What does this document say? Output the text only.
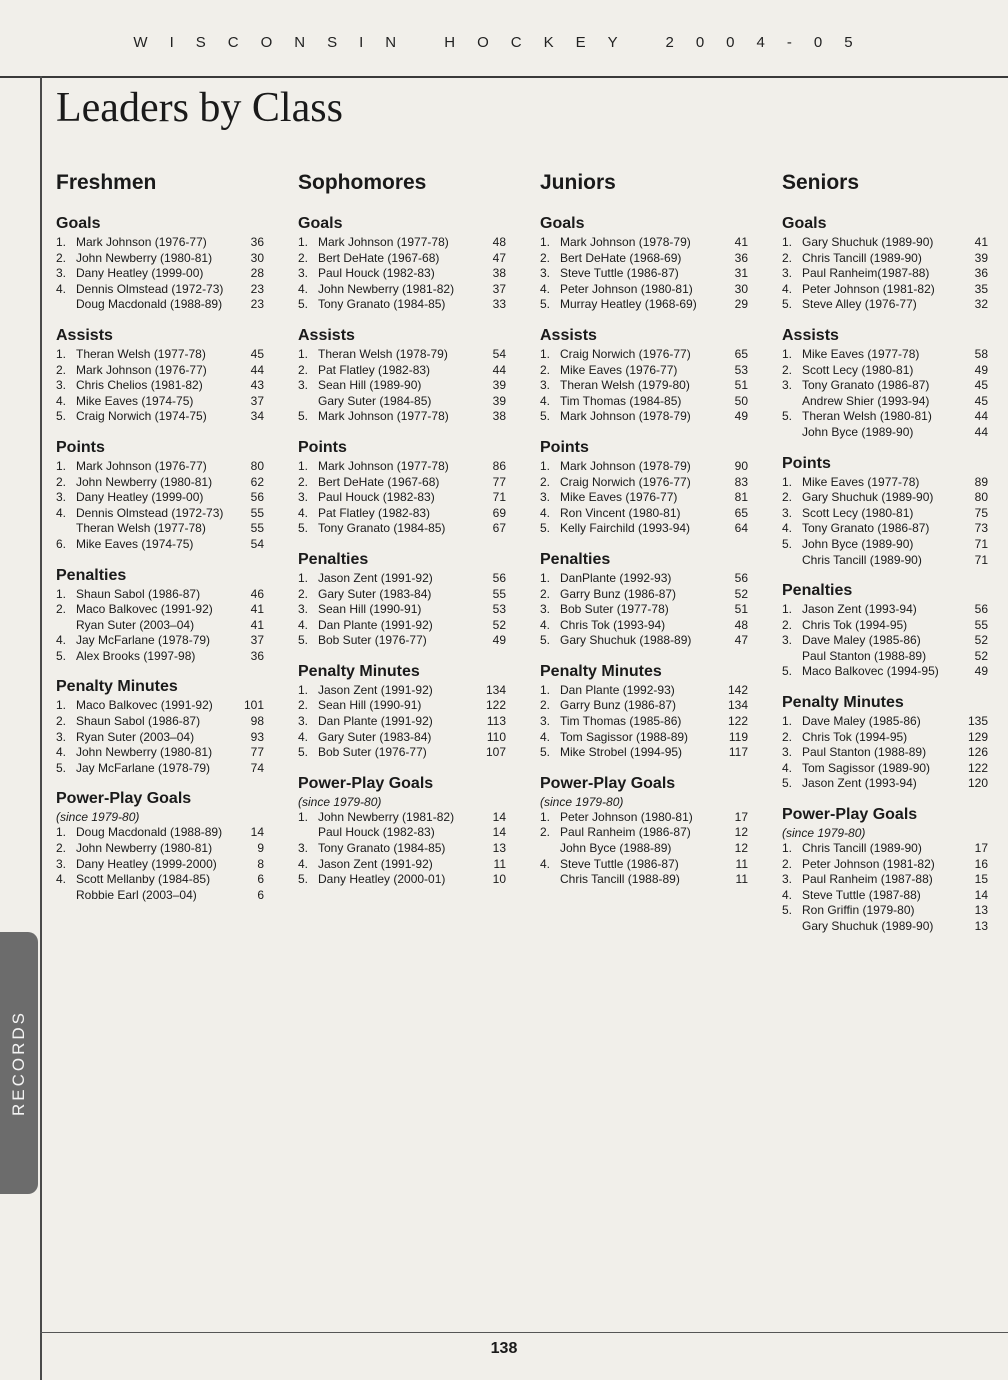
WISCONSIN HOCKEY 2004-05
Leaders by Class
Freshmen
Goals
1. Mark Johnson (1976-77)	36
2. John Newberry (1980-81)	30
3. Dany Heatley (1999-00)	28
4. Dennis Olmstead (1972-73)	23
Doug Macdonald (1988-89)	23
Assists
1. Theran Welsh (1977-78)	45
2. Mark Johnson (1976-77)	44
3. Chris Chelios (1981-82)	43
4. Mike Eaves (1974-75)	37
5. Craig Norwich (1974-75)	34
Points
1. Mark Johnson (1976-77)	80
2. John Newberry (1980-81)	62
3. Dany Heatley (1999-00)	56
4. Dennis Olmstead (1972-73)	55
Theran Welsh (1977-78)	55
6. Mike Eaves (1974-75)	54
Penalties
1. Shaun Sabol (1986-87)	46
2. Maco Balkovec (1991-92)	41
Ryan Suter (2003–04)	41
4. Jay McFarlane (1978-79)	37
5. Alex Brooks (1997-98)	36
Penalty Minutes
1. Maco Balkovec (1991-92)	101
2. Shaun Sabol (1986-87)	98
3. Ryan Suter (2003–04)	93
4. John Newberry (1980-81)	77
5. Jay McFarlane (1978-79)	74
Power-Play Goals
(since 1979-80)
1. Doug Macdonald (1988-89)	14
2. John Newberry (1980-81)	9
3. Dany Heatley (1999-2000)	8
4. Scott Mellanby (1984-85)	6
Robbie Earl (2003–04)	6
Sophomores
Goals
1. Mark Johnson (1977-78)	48
2. Bert DeHate (1967-68)	47
3. Paul Houck (1982-83)	38
4. John Newberry (1981-82)	37
5. Tony Granato (1984-85)	33
Assists
1. Theran Welsh (1978-79)	54
2. Pat Flatley (1982-83)	44
3. Sean Hill (1989-90)	39
Gary Suter (1984-85)	39
5. Mark Johnson (1977-78)	38
Points
1. Mark Johnson (1977-78)	86
2. Bert DeHate (1967-68)	77
3. Paul Houck (1982-83)	71
4. Pat Flatley (1982-83)	69
5. Tony Granato (1984-85)	67
Penalties
1. Jason Zent (1991-92)	56
2. Gary Suter (1983-84)	55
3. Sean Hill (1990-91)	53
4. Dan Plante (1991-92)	52
5. Bob Suter (1976-77)	49
Penalty Minutes
1. Jason Zent (1991-92)	134
2. Sean Hill (1990-91)	122
3. Dan Plante (1991-92)	113
4. Gary Suter (1983-84)	110
5. Bob Suter (1976-77)	107
Power-Play Goals
(since 1979-80)
1. John Newberry (1981-82)	14
Paul Houck (1982-83)	14
3. Tony Granato (1984-85)	13
4. Jason Zent (1991-92)	11
5. Dany Heatley (2000-01)	10
Juniors
Goals
1. Mark Johnson (1978-79)	41
2. Bert DeHate (1968-69)	36
3. Steve Tuttle (1986-87)	31
4. Peter Johnson (1980-81)	30
5. Murray Heatley (1968-69)	29
Assists
1. Craig Norwich (1976-77)	65
2. Mike Eaves (1976-77)	53
3. Theran Welsh (1979-80)	51
4. Tim Thomas (1984-85)	50
5. Mark Johnson (1978-79)	49
Points
1. Mark Johnson (1978-79)	90
2. Craig Norwich (1976-77)	83
3. Mike Eaves (1976-77)	81
4. Ron Vincent (1980-81)	65
5. Kelly Fairchild (1993-94)	64
Penalties
1. DanPlante (1992-93)	56
2. Garry Bunz (1986-87)	52
3. Bob Suter (1977-78)	51
4. Chris Tok (1993-94)	48
5. Gary Shuchuk (1988-89)	47
Penalty Minutes
1. Dan Plante (1992-93)	142
2. Garry Bunz (1986-87)	134
3. Tim Thomas (1985-86)	122
4. Tom Sagissor (1988-89)	119
5. Mike Strobel (1994-95)	117
Power-Play Goals
(since 1979-80)
1. Peter Johnson (1980-81)	17
2. Paul Ranheim (1986-87)	12
John Byce (1988-89)	12
4. Steve Tuttle (1986-87)	11
Chris Tancill (1988-89)	11
Seniors
Goals
1. Gary Shuchuk (1989-90)	41
2. Chris Tancill (1989-90)	39
3. Paul Ranheim(1987-88)	36
4. Peter Johnson (1981-82)	35
5. Steve Alley (1976-77)	32
Assists
1. Mike Eaves (1977-78)	58
2. Scott Lecy (1980-81)	49
3. Tony Granato (1986-87)	45
Andrew Shier (1993-94)	45
5. Theran Welsh (1980-81)	44
John Byce (1989-90)	44
Points
1. Mike Eaves (1977-78)	89
2. Gary Shuchuk (1989-90)	80
3. Scott Lecy (1980-81)	75
4. Tony Granato (1986-87)	73
5. John Byce (1989-90)	71
Chris Tancill (1989-90)	71
Penalties
1. Jason Zent (1993-94)	56
2. Chris Tok (1994-95)	55
3. Dave Maley (1985-86)	52
Paul Stanton (1988-89)	52
5. Maco Balkovec (1994-95)	49
Penalty Minutes
1. Dave Maley (1985-86)	135
2. Chris Tok (1994-95)	129
3. Paul Stanton (1988-89)	126
4. Tom Sagissor (1989-90)	122
5. Jason Zent (1993-94)	120
Power-Play Goals
(since 1979-80)
1. Chris Tancill (1989-90)	17
2. Peter Johnson (1981-82)	16
3. Paul Ranheim (1987-88)	15
4. Steve Tuttle (1987-88)	14
5. Ron Griffin (1979-80)	13
Gary Shuchuk (1989-90)	13
RECORDS
138
